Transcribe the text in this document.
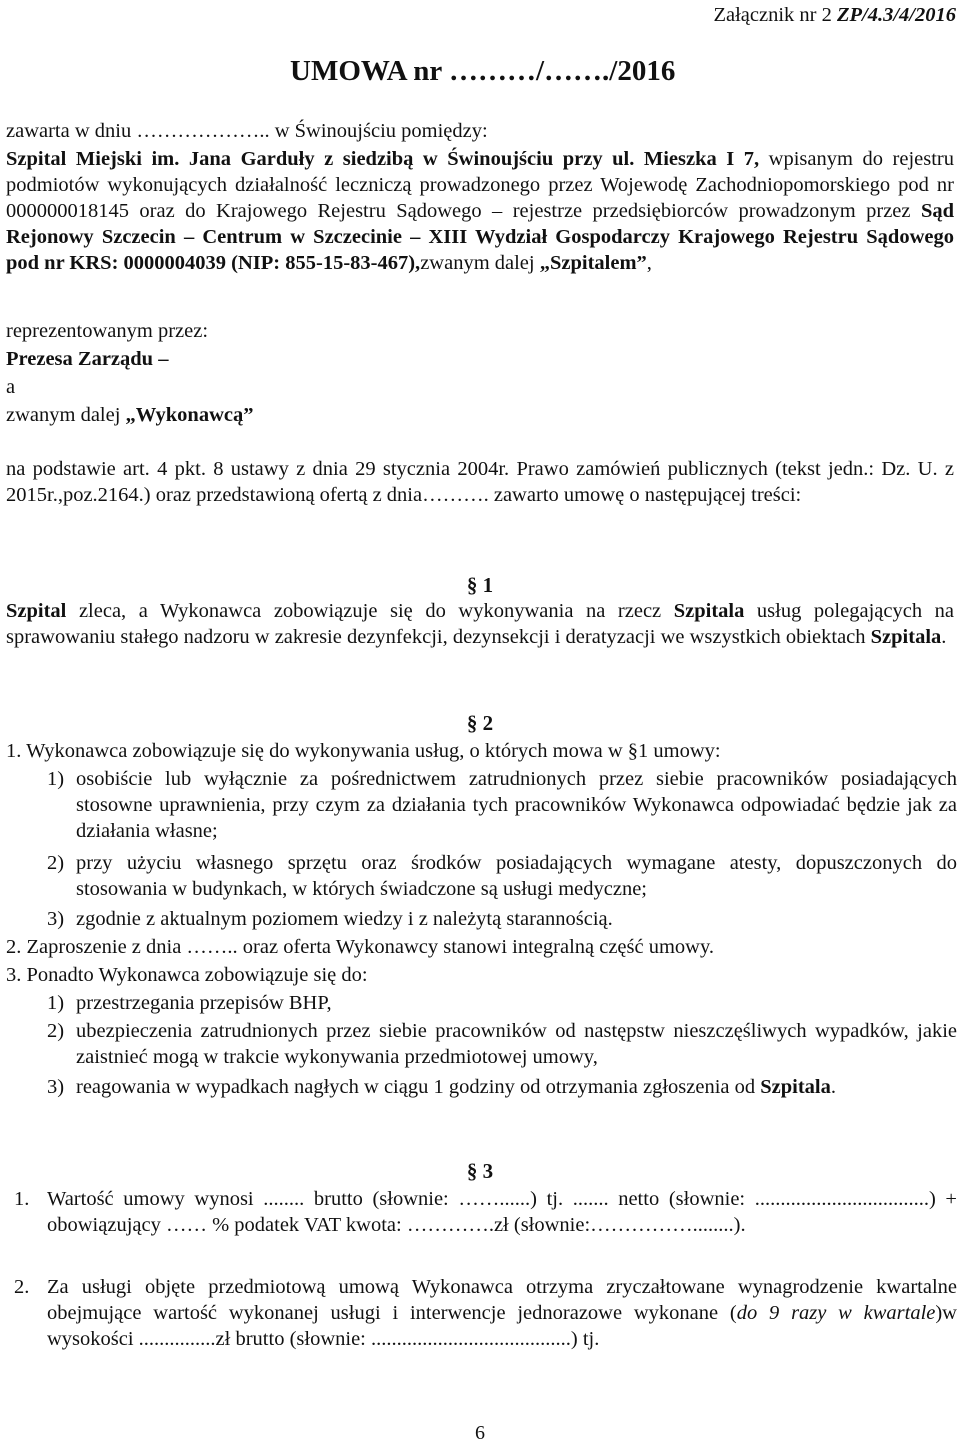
Załącznik nr 2 ZP/4.3/4/2016
UMOWA nr ………/……./2016
zawarta w dniu ……………….. w Świnoujściu pomiędzy:
Szpital Miejski im. Jana Garduły z siedzibą w Świnoujściu przy ul. Mieszka I 7, wpisanym do rejestru podmiotów wykonujących działalność leczniczą prowadzonego przez Wojewodę Zachodniopomorskiego pod nr 000000018145 oraz do Krajowego Rejestru Sądowego – rejestrze przedsiębiorców prowadzonym przez Sąd Rejonowy Szczecin – Centrum w Szczecinie – XIII Wydział Gospodarczy Krajowego Rejestru Sądowego pod nr KRS: 0000004039 (NIP: 855-15-83-467),zwanym dalej „Szpitalem”,
reprezentowanym przez:
Prezesa Zarządu –
a
zwanym dalej „Wykonawcą”
na podstawie art. 4 pkt. 8 ustawy z dnia 29 stycznia 2004r. Prawo zamówień publicznych (tekst jedn.: Dz. U. z 2015r.,poz.2164.) oraz przedstawioną ofertą z dnia………. zawarto umowę o następującej treści:
§ 1
Szpital zleca, a Wykonawca zobowiązuje się do wykonywania na rzecz Szpitala usług polegających na sprawowaniu stałego nadzoru w zakresie dezynfekcji, dezynsekcji i deratyzacji we wszystkich obiektach Szpitala.
§ 2
1. Wykonawca zobowiązuje się do wykonywania usług, o których mowa w §1 umowy:
1) osobiście lub wyłącznie za pośrednictwem zatrudnionych przez siebie pracowników posiadających stosowne uprawnienia, przy czym za działania tych pracowników Wykonawca odpowiadać będzie jak za działania własne;
2) przy użyciu własnego sprzętu oraz środków posiadających wymagane atesty, dopuszczonych do stosowania w budynkach, w których świadczone są usługi medyczne;
3) zgodnie z aktualnym poziomem wiedzy i z należytą starannością.
2. Zaproszenie z dnia …….. oraz oferta Wykonawcy stanowi integralną część umowy.
3. Ponadto Wykonawca zobowiązuje się do:
1) przestrzegania przepisów BHP,
2) ubezpieczenia zatrudnionych przez siebie pracowników od następstw nieszczęśliwych wypadków, jakie zaistnieć mogą w trakcie wykonywania przedmiotowej umowy,
3) reagowania w wypadkach nagłych w ciągu 1 godziny od otrzymania zgłoszenia od Szpitala.
§ 3
1. Wartość umowy wynosi ........ brutto (słownie: ……......) tj. ....... netto (słownie: ..................................) + obowiązujący …… % podatek VAT kwota: ………….zł (słownie:……………........).
2. Za usługi objęte przedmiotową umową Wykonawca otrzyma zryczałtowane wynagrodzenie kwartalne obejmujące wartość wykonanej usługi i interwencje jednorazowe wykonane (do 9 razy w kwartale)w wysokości ...............zł brutto (słownie: .......................................) tj.
6
